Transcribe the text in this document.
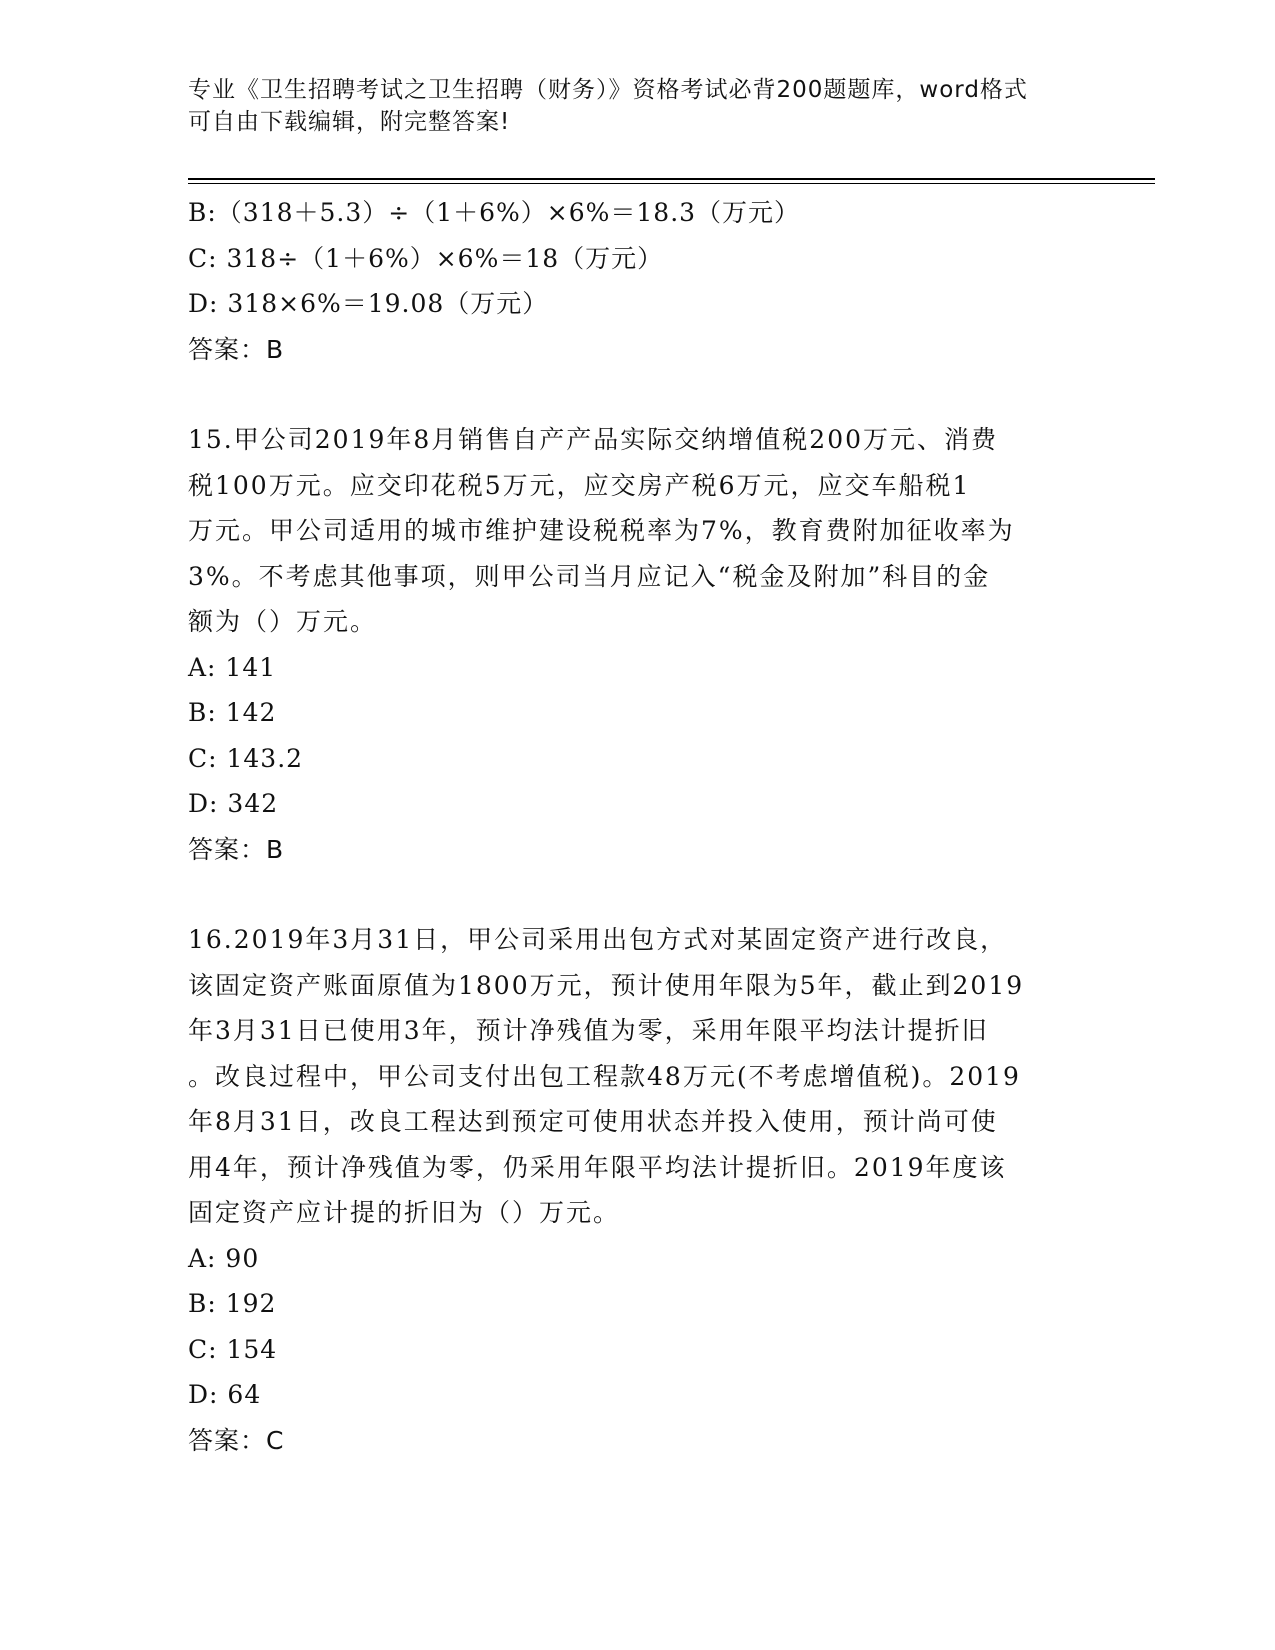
专业《卫生招聘考试之卫生招聘（财务）》资格考试必背200题题库，word格式
可自由下载编辑，附完整答案!
B:（318＋5.3）÷（1＋6%）×6%＝18.3（万元）
C: 318÷（1＋6%）×6%＝18（万元）
D: 318×6%＝19.08（万元）
答案：B
15.甲公司2019年8月销售自产产品实际交纳增值税200万元、消费
税100万元。应交印花税5万元，应交房产税6万元，应交车船税1
万元。甲公司适用的城市维护建设税税率为7%，教育费附加征收率为
3%。不考虑其他事项，则甲公司当月应记入“税金及附加”科目的金
额为（）万元。
A: 141
B: 142
C: 143.2
D: 342
答案：B
16.2019年3月31日，甲公司采用出包方式对某固定资产进行改良，
该固定资产账面原值为1800万元，预计使用年限为5年，截止到2019
年3月31日已使用3年，预计净残值为零，采用年限平均法计提折旧
。改良过程中，甲公司支付出包工程款48万元(不考虑增值税)。2019
年8月31日，改良工程达到预定可使用状态并投入使用，预计尚可使
用4年，预计净残值为零，仍采用年限平均法计提折旧。2019年度该
固定资产应计提的折旧为（）万元。
A: 90
B: 192
C: 154
D: 64
答案：C
